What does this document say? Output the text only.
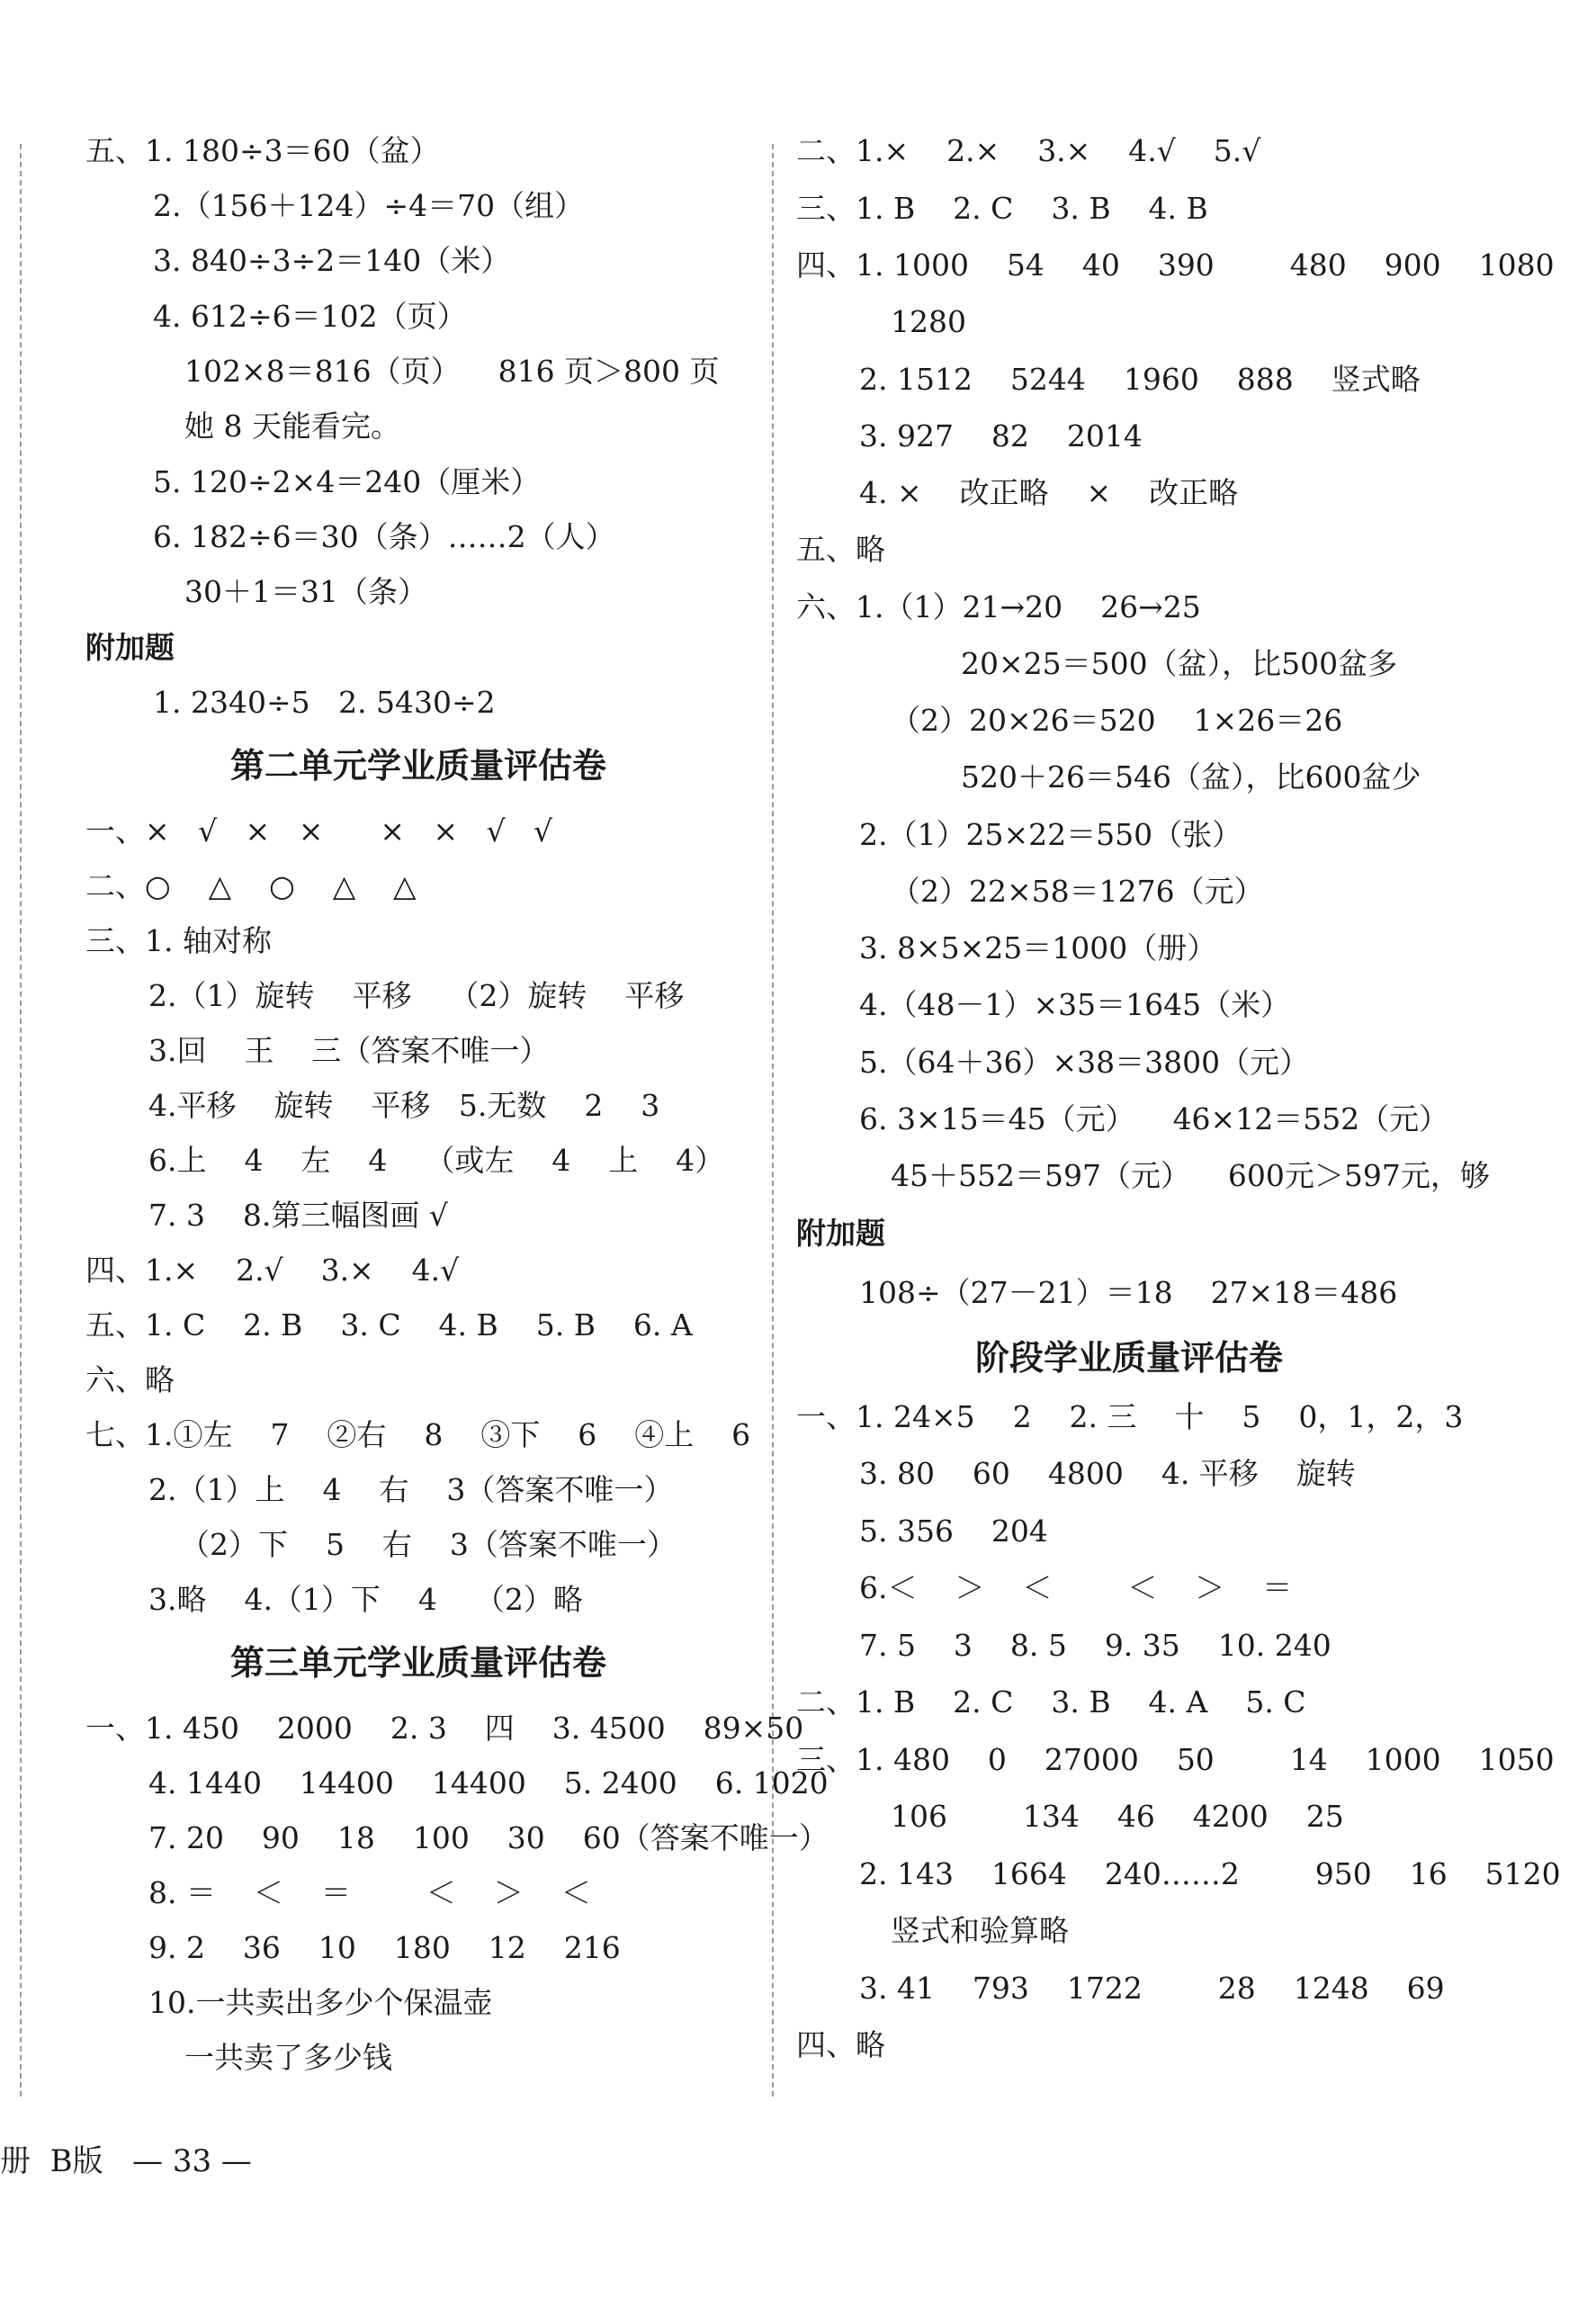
五、1. 180÷3＝60（盆）
2.（156＋124）÷4＝70（组）
3. 840÷3÷2＝140（米）
4. 612÷6＝102（页）
102×8＝816（页）    816 页＞800 页
她 8 天能看完。
5. 120÷2×4＝240（厘米）
6. 182÷6＝30（条）……2（人）
30＋1＝31（条）
附加题
1. 2340÷5   2. 5430÷2
一、×   √   ×   ×      ×   ×   √   √
二、○    △    ○    △    △
三、1. 轴对称
2.（1）旋转    平移    （2）旋转    平移
3.回    王    三（答案不唯一）
4.平移    旋转    平移   5.无数    2    3
6.上    4    左    4    （或左    4    上    4）
7. 3    8.第三幅图画 √
四、1.×    2.√    3.×    4.√
五、1. C    2. B    3. C    4. B    5. B    6. A
六、略
七、1.①左    7    ②右    8    ③下    6    ④上    6
2.（1）上    4    右    3（答案不唯一）
（2）下    5    右    3（答案不唯一）
3.略    4.（1）下    4    （2）略
一、1. 450    2000    2. 3    四    3. 4500    89×50
4. 1440    14400    14400    5. 2400    6. 1020
7. 20    90    18    100    30    60（答案不唯一）
8. ＝    ＜    ＝        ＜    ＞    ＜
9. 2    36    10    180    12    216
10.一共卖出多少个保温壶
一共卖了多少钱
第二单元学业质量评估卷
第三单元学业质量评估卷
二、1.×    2.×    3.×    4.√    5.√
三、1. B    2. C    3. B    4. B
四、1. 1000    54    40    390        480    900    1080
1280
2. 1512    5244    1960    888    竖式略
3. 927    82    2014
4. ×    改正略    ×    改正略
五、略
六、1.（1）21→20    26→25
20×25＝500（盆），比500盆多
（2）20×26＝520    1×26＝26
520＋26＝546（盆），比600盆少
2.（1）25×22＝550（张）
（2）22×58＝1276（元）
3. 8×5×25＝1000（册）
4.（48－1）×35＝1645（米）
5.（64＋36）×38＝3800（元）
6. 3×15＝45（元）    46×12＝552（元）
45＋552＝597（元）    600元＞597元，够
附加题
108÷（27－21）＝18    27×18＝486
一、1. 24×5    2    2. 三    十    5    0，1，2，3
3. 80    60    4800    4. 平移    旋转
5. 356    204
6.＜    ＞    ＜        ＜    ＞    ＝
7. 5    3    8. 5    9. 35    10. 240
二、1. B    2. C    3. B    4. A    5. C
三、1. 480    0    27000    50        14    1000    1050
106        134    46    4200    25
2. 143    1664    240……2        950    16    5120
竖式和验算略
3. 41    793    1722        28    1248    69
四、略
阶段学业质量评估卷
册  B版   — 33 —
